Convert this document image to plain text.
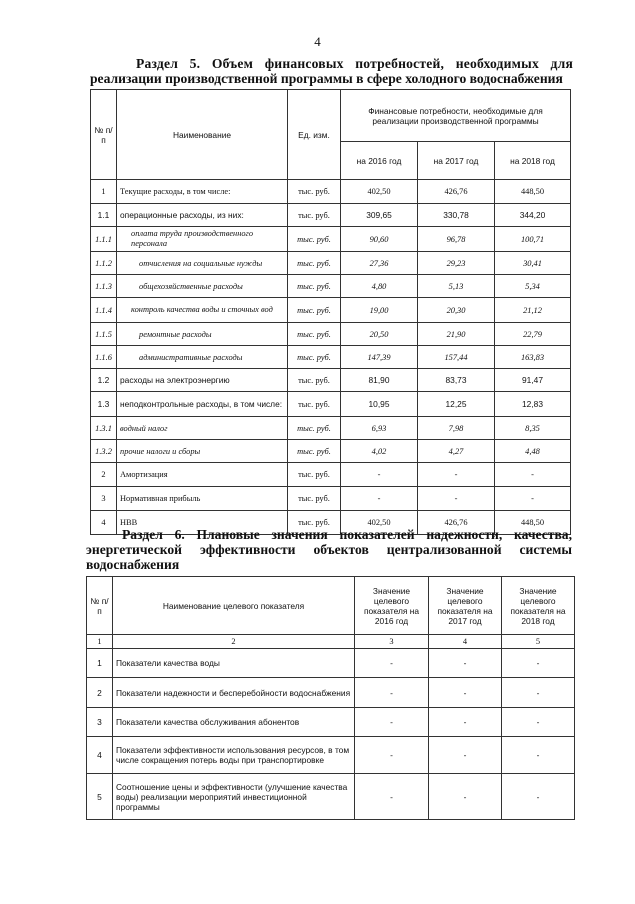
4
Раздел 5. Объем финансовых потребностей, необходимых для
реализации производственной программы в сфере холодного водоснабжения
№ п/п	Наименование	Ед. изм.	Финансовые потребности, необходимые для реализации производственной программы		
			на 2016 год	на 2017 год	на 2018 год
1	Текущие расходы, в том числе:	тыс. руб.	402,50	426,76	448,50
1.1	операционные расходы, из них:	тыс. руб.	309,65	330,78	344,20
1.1.1	оплата труда производственного персонала	тыс. руб.	90,60	96,78	100,71
1.1.2	отчисления на социальные нужды	тыс. руб.	27,36	29,23	30,41
1.1.3	общехозяйственные расходы	тыс. руб.	4,80	5,13	5,34
1.1.4	контроль качества воды и сточных вод	тыс. руб.	19,00	20,30	21,12
1.1.5	ремонтные расходы	тыс. руб.	20,50	21,90	22,79
1.1.6	административные расходы	тыс. руб.	147,39	157,44	163,83
1.2	расходы на электроэнергию	тыс. руб.	81,90	83,73	91,47
1.3	неподконтрольные расходы, в том числе:	тыс. руб.	10,95	12,25	12,83
1.3.1	водный налог	тыс. руб.	6,93	7,98	8,35
1.3.2	прочие налоги и сборы	тыс. руб.	4,02	4,27	4,48
2	Амортизация	тыс. руб.	-	-	-
3	Нормативная прибыль	тыс. руб.	-	-	-
4	НВВ	тыс. руб.	402,50	426,76	448,50
Раздел 6. Плановые значения показателей надежности, качества,
энергетической эффективности объектов централизованной системы
водоснабжения
№ п/п	Наименование целевого показателя	Значение целевого показателя на 2016 год	Значение целевого показателя на 2017 год	Значение целевого показателя на 2018 год
1	2	3	4	5
1	Показатели качества воды	-	-	-
2	Показатели надежности и бесперебойности водоснабжения	-	-	-
3	Показатели качества обслуживания абонентов	-	-	-
4	Показатели эффективности использования ресурсов, в том числе сокращения потерь воды при транспортировке	-	-	-
5	Соотношение цены и эффективности (улучшение качества воды) реализации мероприятий инвестиционной программы	-	-	-
